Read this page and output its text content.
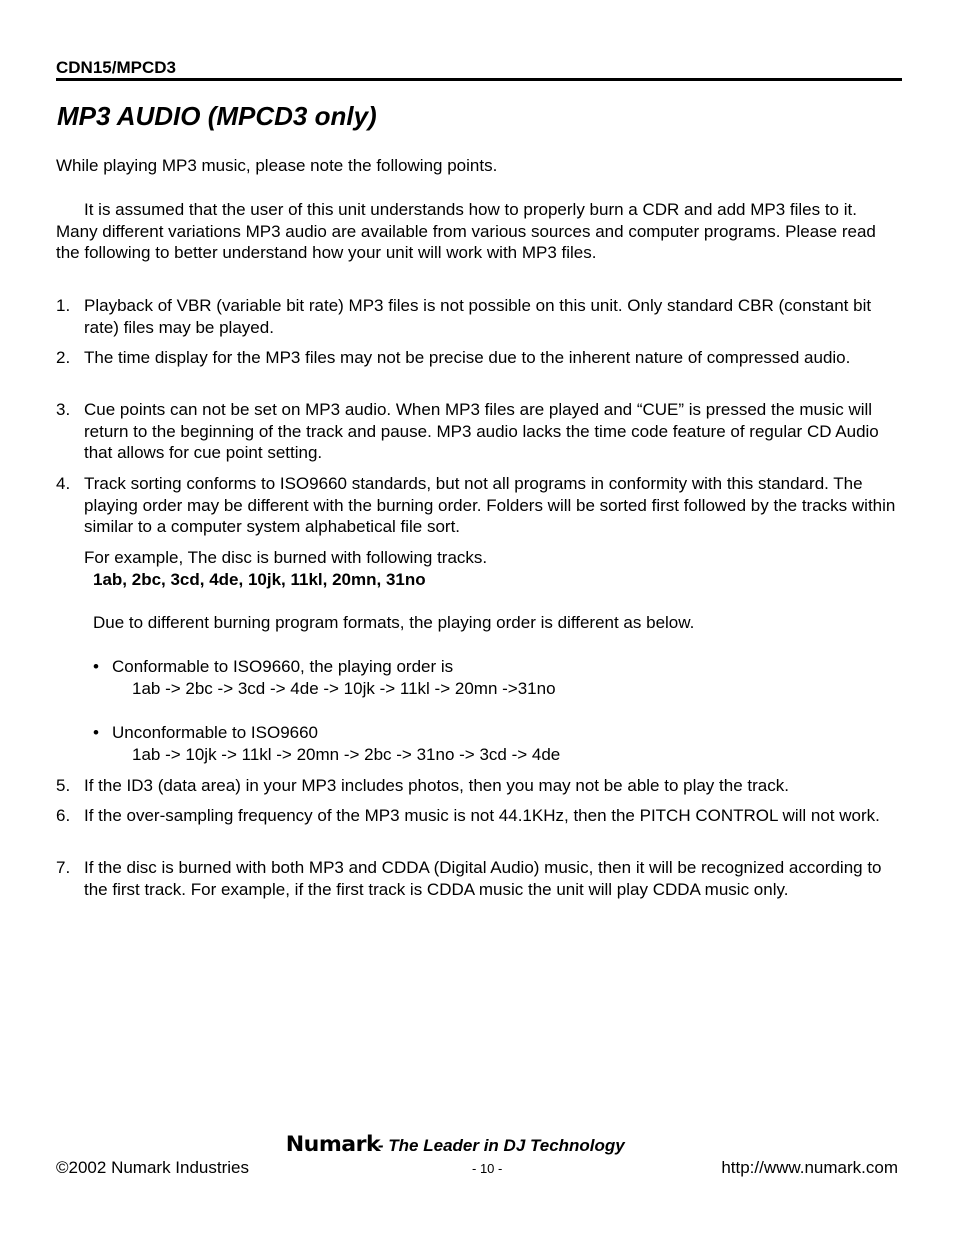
CDN15/MPCD3
MP3 AUDIO (MPCD3 only)
While playing MP3 music, please note the following points.
It is assumed that the user of this unit understands how to properly burn a CDR and add MP3 files to it. Many different variations MP3 audio are available from various sources and computer programs. Please read the following to better understand how your unit will work with MP3 files.
1. Playback of VBR (variable bit rate) MP3 files is not possible on this unit. Only standard CBR (constant bit rate) files may be played.
2. The time display for the MP3 files may not be precise due to the inherent nature of compressed audio.
3. Cue points can not be set on MP3 audio. When MP3 files are played and “CUE” is pressed the music will return to the beginning of the track and pause. MP3 audio lacks the time code feature of regular CD Audio that allows for cue point setting.
4. Track sorting conforms to ISO9660 standards, but not all programs in conformity with this standard. The playing order may be different with the burning order. Folders will be sorted first followed by the tracks within similar to a computer system alphabetical file sort.
For example, The disc is burned with following tracks.
1ab, 2bc, 3cd, 4de, 10jk, 11kl, 20mn, 31no
Due to different burning program formats, the playing order is different as below.
• Conformable to ISO9660, the playing order is
1ab -> 2bc -> 3cd -> 4de -> 10jk -> 11kl -> 20mn ->31no
• Unconformable to ISO9660
1ab -> 10jk -> 11kl -> 20mn -> 2bc -> 31no -> 3cd -> 4de
5. If the ID3 (data area) in your MP3 includes photos, then you may not be able to play the track.
6. If the over-sampling frequency of the MP3 music is not 44.1KHz, then the PITCH CONTROL will not work.
7. If the disc is burned with both MP3 and CDDA (Digital Audio) music, then it will be recognized according to the first track. For example, if the first track is CDDA music the unit will play CDDA music only.
Numark- The Leader in DJ Technology
©2002 Numark Industries	- 10 -	http://www.numark.com
